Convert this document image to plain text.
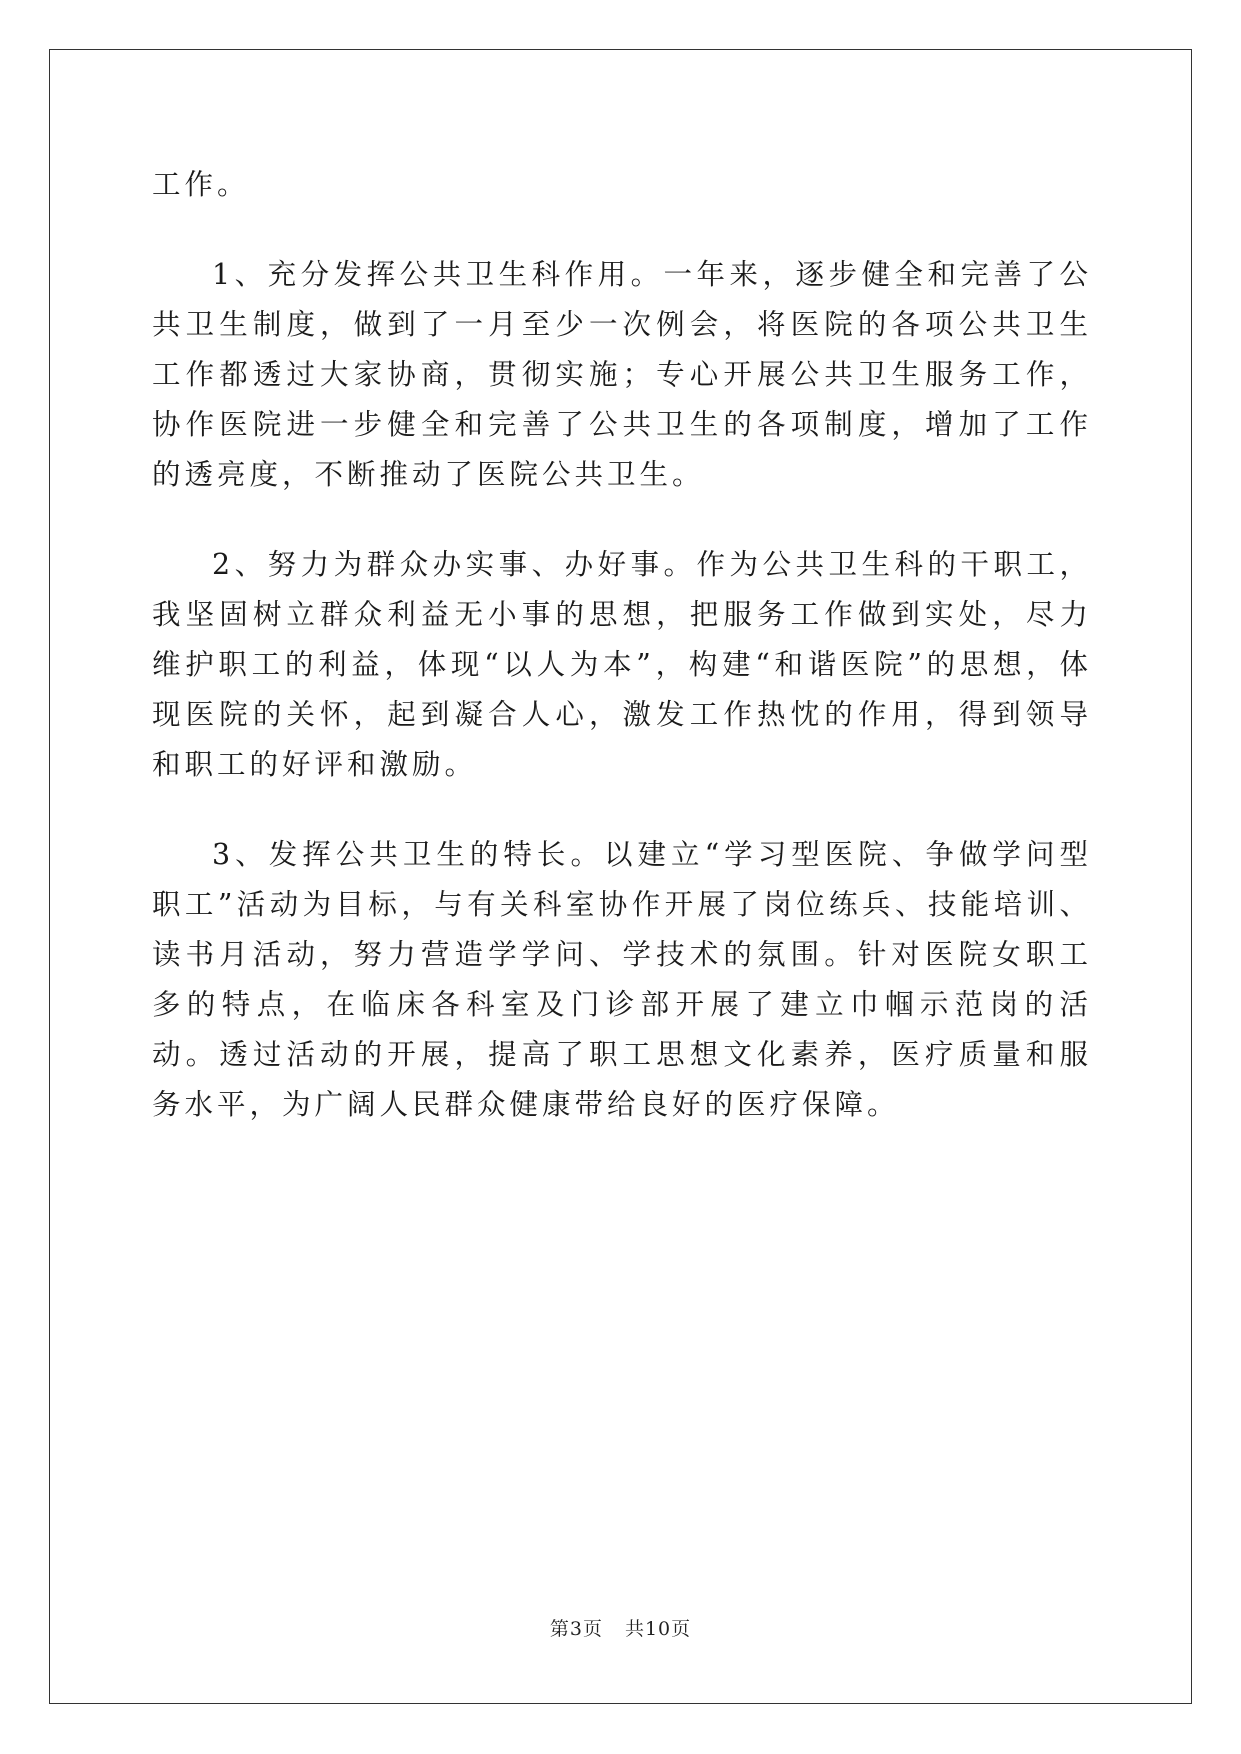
工作。

1、充分发挥公共卫生科作用。一年来，逐步健全和完善了公共卫生制度，做到了一月至少一次例会，将医院的各项公共卫生工作都透过大家协商，贯彻实施；专心开展公共卫生服务工作，协作医院进一步健全和完善了公共卫生的各项制度，增加了工作的透亮度，不断推动了医院公共卫生。

2、努力为群众办实事、办好事。作为公共卫生科的干职工，我坚固树立群众利益无小事的思想，把服务工作做到实处，尽力维护职工的利益，体现“以人为本”，构建“和谐医院”的思想，体现医院的关怀，起到凝合人心，激发工作热忱的作用，得到领导和职工的好评和激励。

3、发挥公共卫生的特长。以建立“学习型医院、争做学问型职工”活动为目标，与有关科室协作开展了岗位练兵、技能培训、读书月活动，努力营造学学问、学技术的氛围。针对医院女职工多的特点，在临床各科室及门诊部开展了建立巾帼示范岗的活动。透过活动的开展，提高了职工思想文化素养，医疗质量和服务水平，为广阔人民群众健康带给良好的医疗保障。

第3页 共10页
